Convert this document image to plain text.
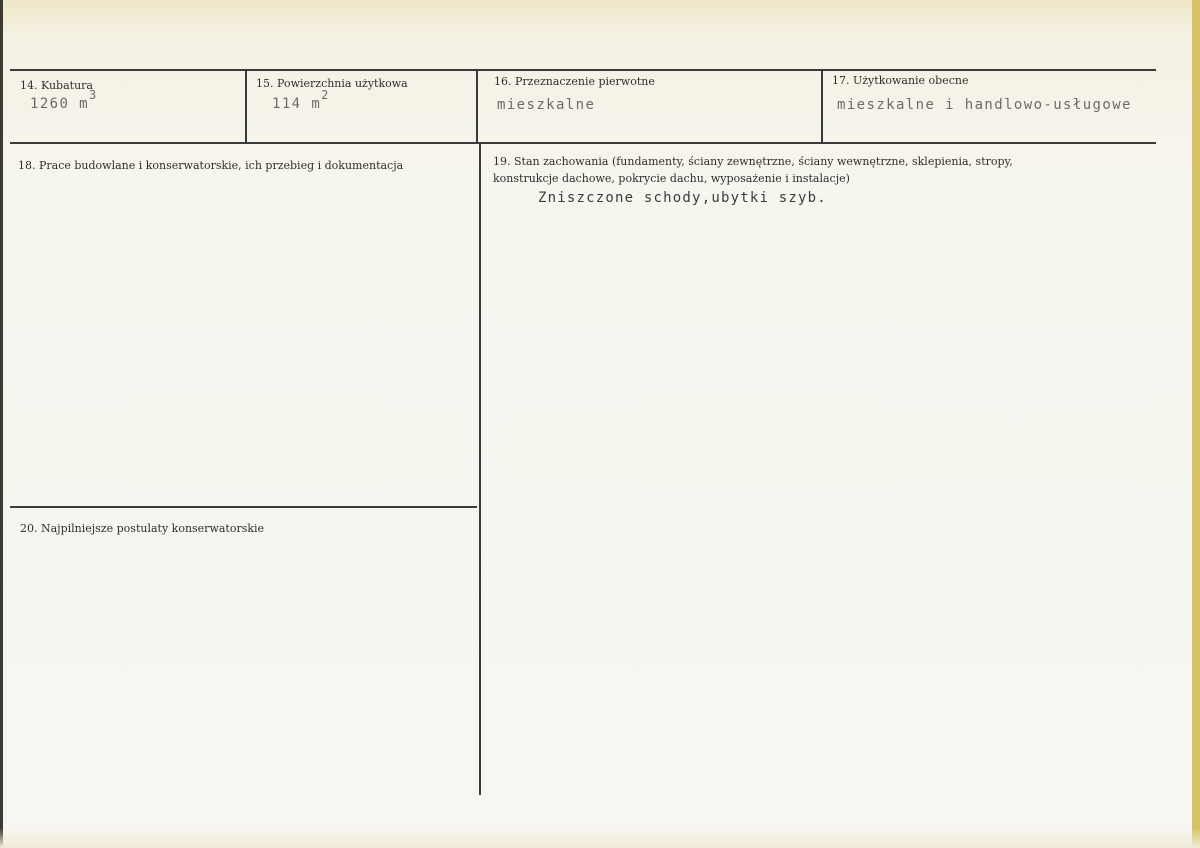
14. Kubatura
1260 m3
15. Powierzchnia użytkowa
114 m2
16. Przeznaczenie pierwotne
mieszkalne
17. Użytkowanie obecne
mieszkalne i handlowo-usługowe
18. Prace budowlane i konserwatorskie, ich przebieg i dokumentacja	19. Stan zachowania (fundamenty, ściany zewnętrzne, ściany wewnętrzne, sklepienia, stropy,
konstrukcje dachowe, pokrycie dachu, wyposażenie i instalacje)
Zniszczone schody,ubytki szyb.
20. Najpilniejsze postulaty konserwatorskie
